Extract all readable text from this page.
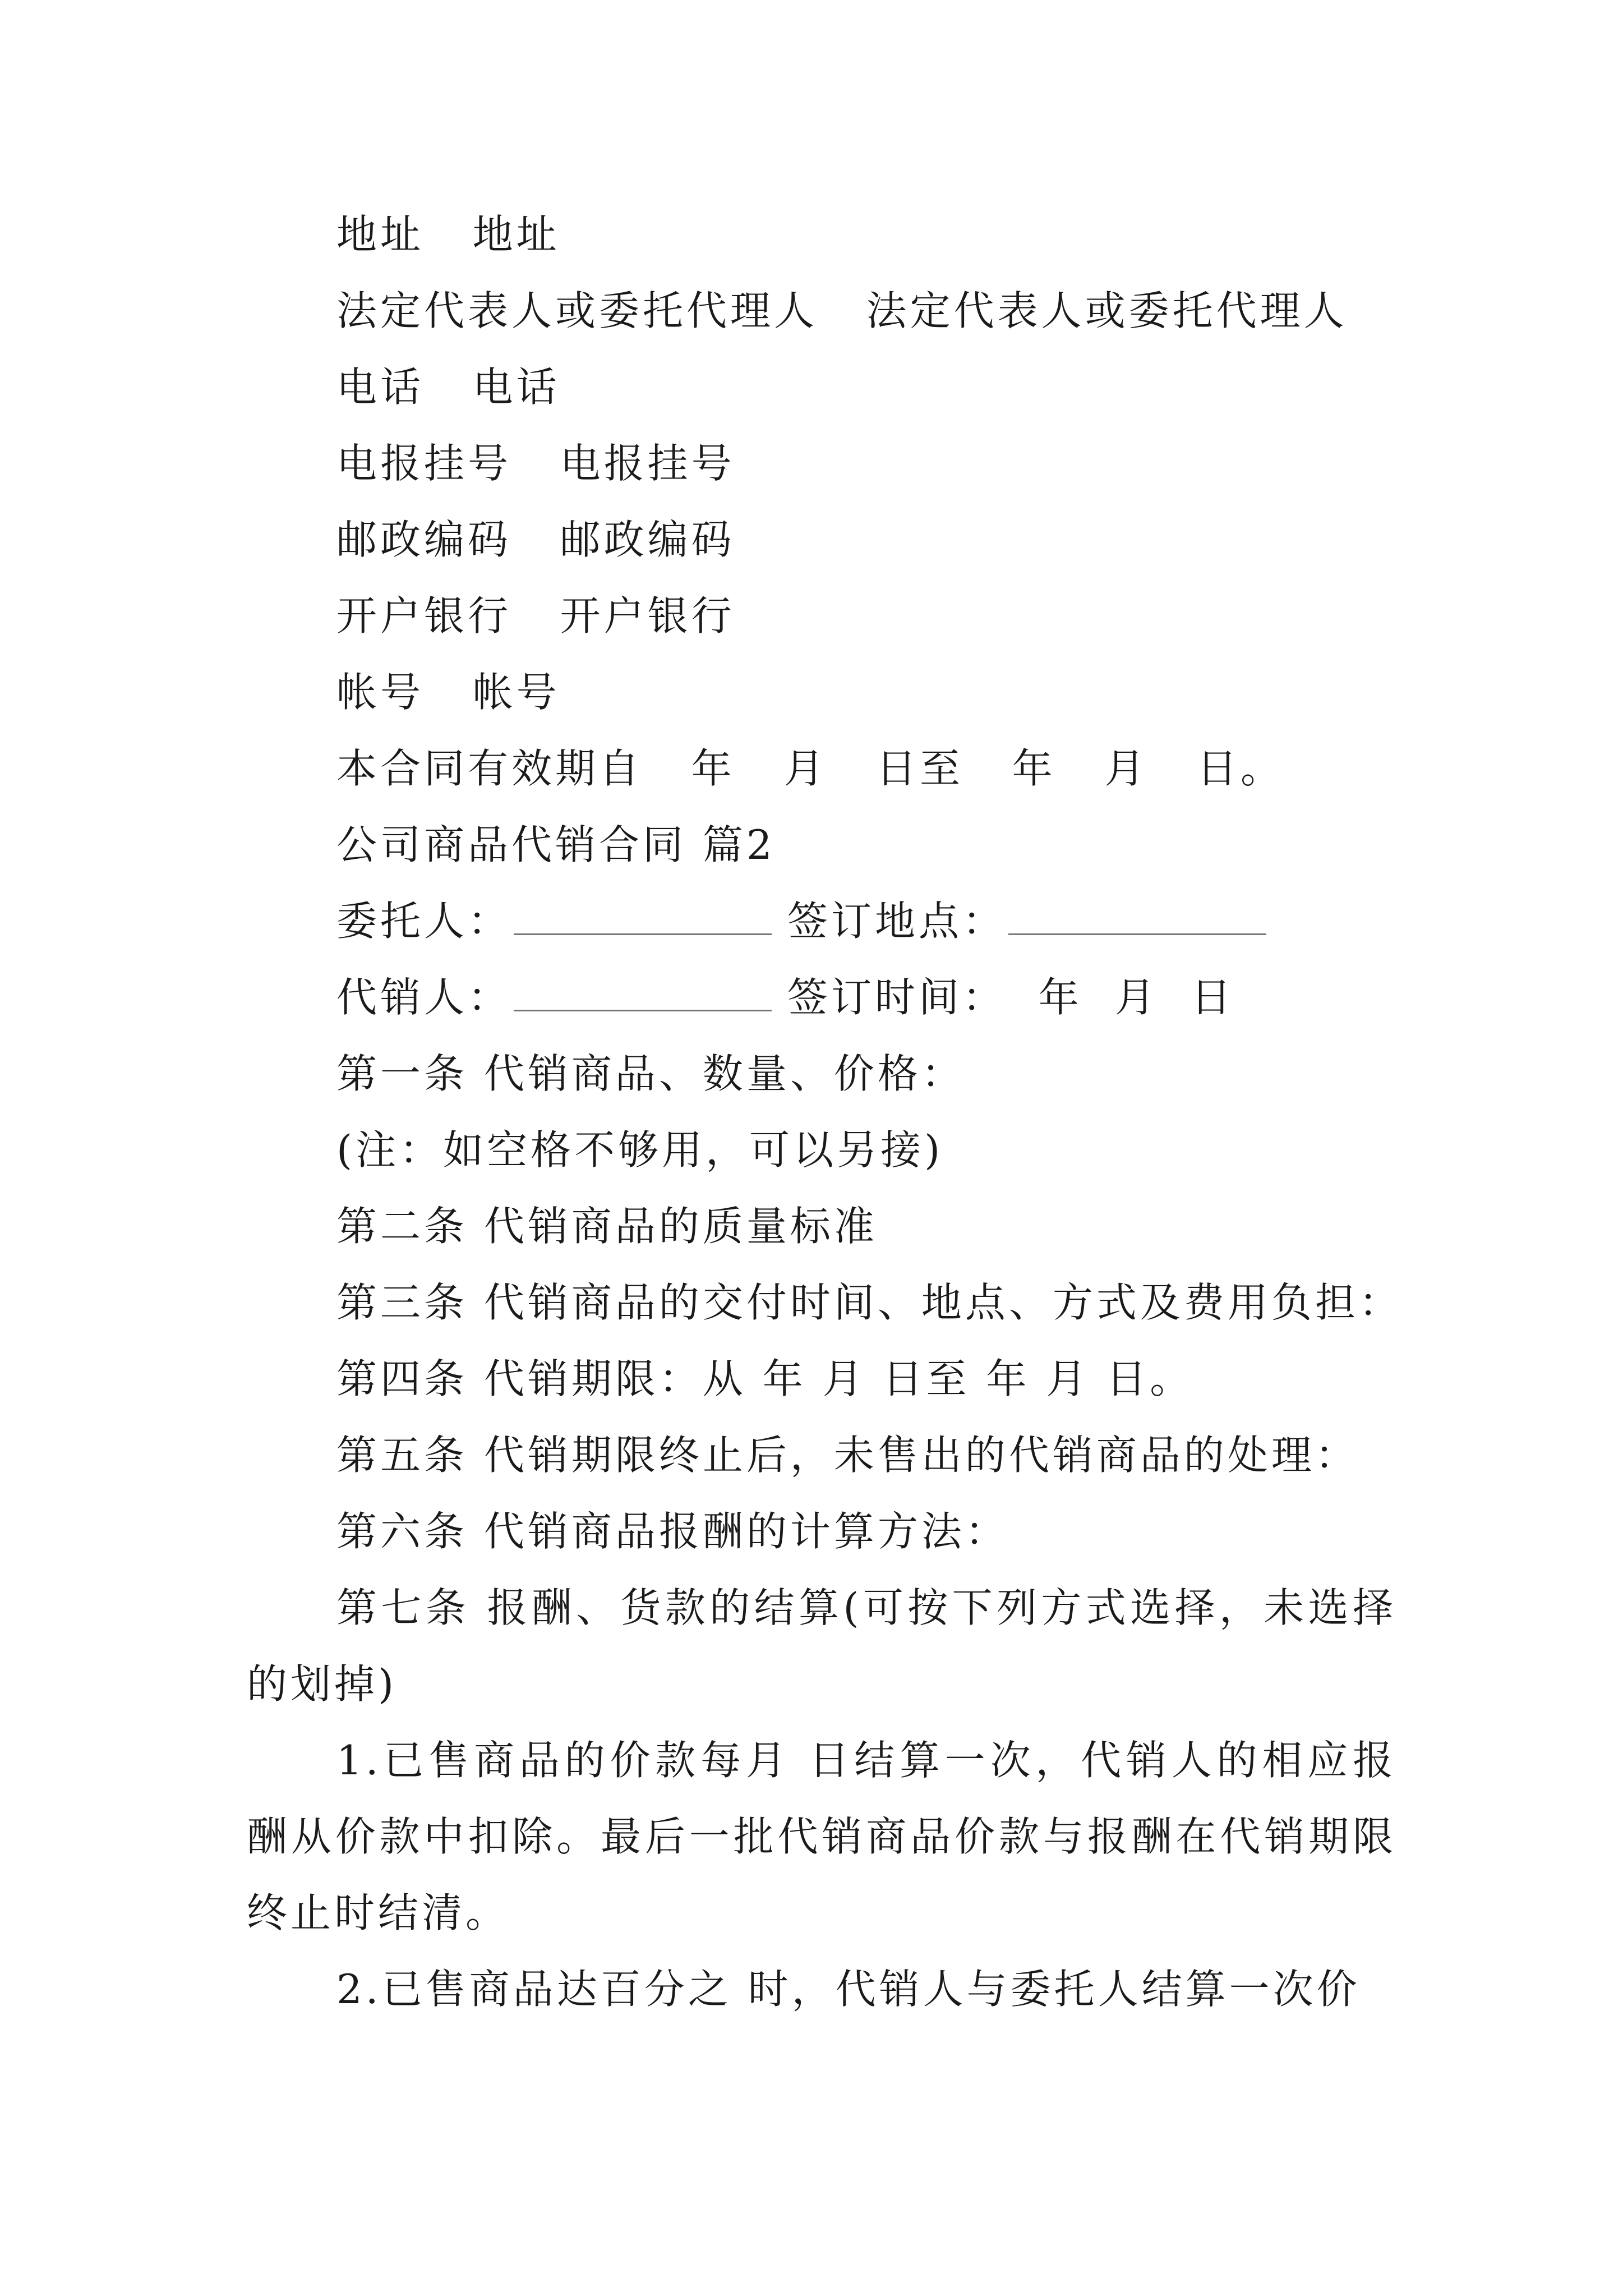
地址   地址
法定代表人或委托代理人   法定代表人或委托代理人
电话   电话
电报挂号   电报挂号
邮政编码   邮政编码
开户银行   开户银行
帐号   帐号
本合同有效期自   年   月   日至   年   月   日。
公司商品代销合同 篇2
委托人：	签订地点：
代销人：	签订时间：  年  月  日
第一条 代销商品、数量、价格：
(注：如空格不够用，可以另接)
第二条 代销商品的质量标准
第三条 代销商品的交付时间、地点、方式及费用负担：
第四条 代销期限：从 年 月 日至 年 月 日。
第五条 代销期限终止后，未售出的代销商品的处理：
第六条 代销商品报酬的计算方法：
第七条 报酬、货款的结算(可按下列方式选择，未选择的划掉)
1.已售商品的价款每月 日结算一次，代销人的相应报酬从价款中扣除。最后一批代销商品价款与报酬在代销期限终止时结清。
2.已售商品达百分之 时，代销人与委托人结算一次价
